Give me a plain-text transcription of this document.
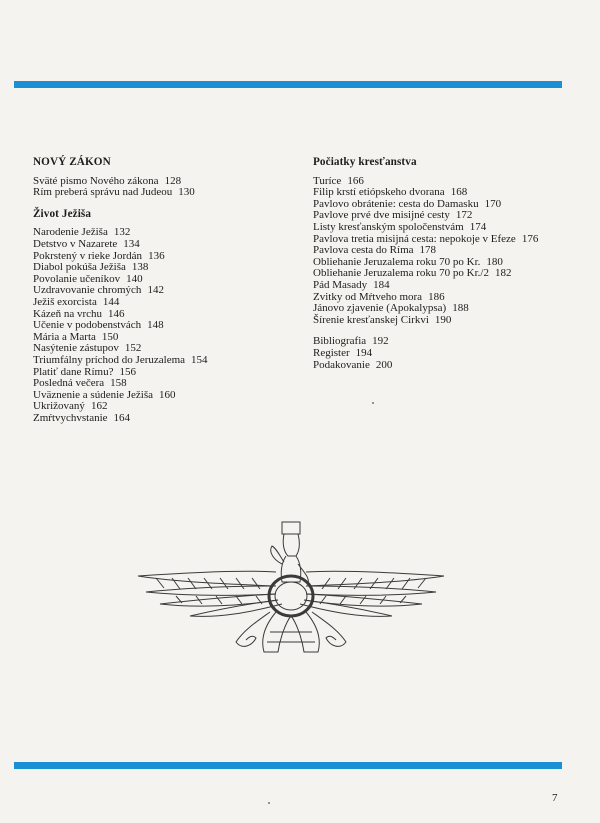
NOVÝ ZÁKON
Sväté pismo Nového zákona 128
Rím preberá správu nad Judeou 130
Život Ježiša
Narodenie Ježiša 132
Detstvo v Nazarete 134
Pokrstený v rieke Jordán 136
Diabol pokúša Ježiša 138
Povolanie učeníkov 140
Uzdravovanie chromých 142
Ježiš exorcista 144
Kázeň na vrchu 146
Učenie v podobenstvách 148
Mária a Marta 150
Nasýtenie zástupov 152
Triumfálny príchod do Jeruzalema 154
Platiť dane Rímu? 156
Posledná večera 158
Uväznenie a súdenie Ježiša 160
Ukrižovaný 162
Zmŕtvychvstanie 164
Počiatky kresťanstva
Turíce 166
Filip krstí etiópskeho dvorana 168
Pavlovo obrátenie: cesta do Damasku 170
Pavlove prvé dve misijné cesty 172
Listy kresťanským spoločenstvám 174
Pavlova tretia misijná cesta: nepokoje v Efeze 176
Pavlova cesta do Ríma 178
Obliehanie Jeruzalema roku 70 po Kr. 180
Obliehanie Jeruzalema roku 70 po Kr./2 182
Pád Masady 184
Zvitky od Mŕtveho mora 186
Jánovo zjavenie (Apokalypsa) 188
Šírenie kresťanskej Cirkvi 190
Bibliografia 192
Register 194
Podakovanie 200
7
